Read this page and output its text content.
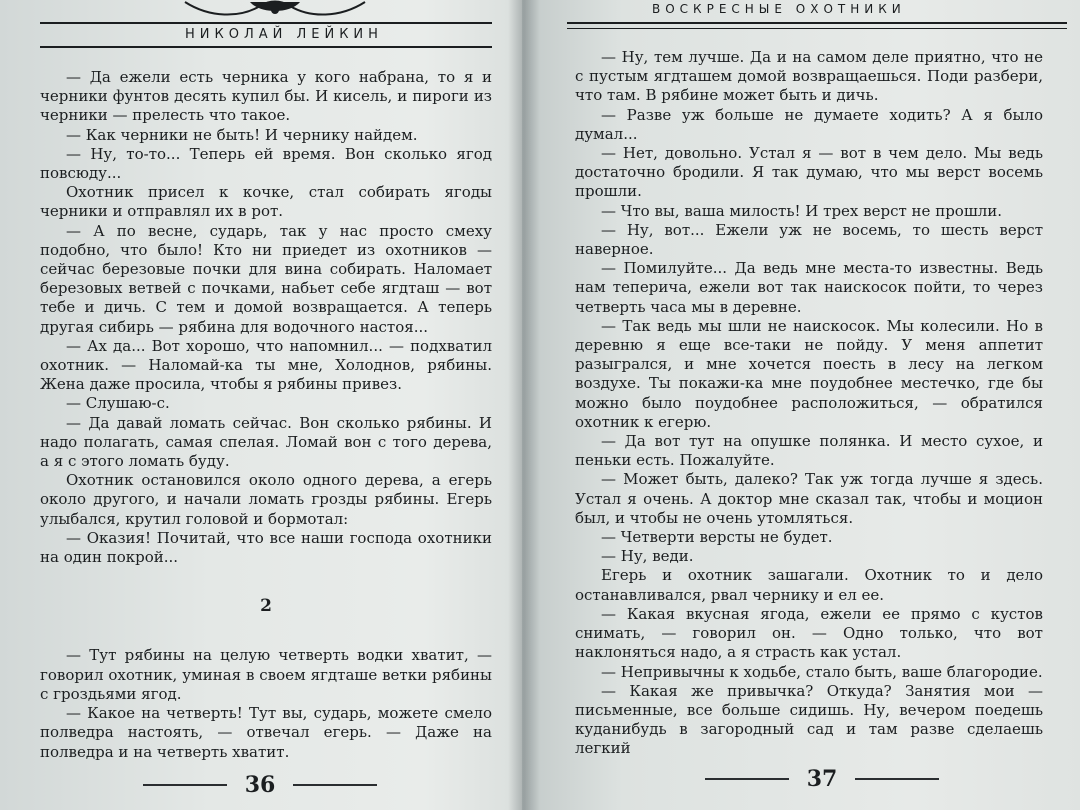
НИКОЛАЙ ЛЕЙКИН

— Да ежели есть черника у кого набрана, то я и черники фунтов десять купил бы. И кисель, и пироги из черники — прелесть что такое.

— Как черники не быть! И чернику найдем.

— Ну, то-то... Теперь ей время. Вон сколько ягод повсюду...

Охотник присел к кочке, стал собирать ягоды черники и отправлял их в рот.

— А по весне, сударь, так у нас просто смеху подобно, что было! Кто ни приедет из охотников — сейчас березовые почки для вина собирать. Наломает березовых ветвей с почками, набьет себе ягдташ — вот тебе и дичь. С тем и домой возвращается. А теперь другая сибирь — рябина для водочного настоя...

— Ах да... Вот хорошо, что напомнил... — подхватил охотник. — Наломай-ка ты мне, Холоднов, рябины. Жена даже просила, чтобы я рябины привез.

— Слушаю-с.

— Да давай ломать сейчас. Вон сколько рябины. И надо полагать, самая спелая. Ломай вон с того дерева, а я с этого ломать буду.

Охотник остановился около одного дерева, а егерь около другого, и начали ломать грозды рябины. Егерь улыбался, крутил головой и бормотал:

— Оказия! Почитай, что все наши господа охотники на один покрой...

2

— Тут рябины на целую четверть водки хватит, — говорил охотник, уминая в своем ягдташе ветки рябины с гроздьями ягод.

— Какое на четверть! Тут вы, сударь, можете смело полведра настоять, — отвечал егерь. — Даже на полведра и на четверть хватит.

36
ВОСКРЕСНЫЕ ОХОТНИКИ

— Ну, тем лучше. Да и на самом деле приятно, что не с пустым ягдташем домой возвращаешься. Поди разбери, что там. В рябине может быть и дичь.

— Разве уж больше не думаете ходить? А я было думал...

— Нет, довольно. Устал я — вот в чем дело. Мы ведь достаточно бродили. Я так думаю, что мы верст восемь прошли.

— Что вы, ваша милость! И трех верст не прошли.

— Ну, вот... Ежели уж не восемь, то шесть верст наверное.

— Помилуйте... Да ведь мне места-то известны. Ведь нам теперича, ежели вот так наискосок пойти, то через четверть часа мы в деревне.

— Так ведь мы шли не наискосок. Мы колесили. Но в деревню я еще все-таки не пойду. У меня аппетит разыгрался, и мне хочется поесть в лесу на легком воздухе. Ты покажи-ка мне поудобнее местечко, где бы можно было поудобнее расположиться, — обратился охотник к егерю.

— Да вот тут на опушке полянка. И место сухое, и пеньки есть. Пожалуйте.

— Может быть, далеко? Так уж тогда лучше я здесь. Устал я очень. А доктор мне сказал так, чтобы и моцион был, и чтобы не очень утомляться.

— Четверти версты не будет.

— Ну, веди.

Егерь и охотник зашагали. Охотник то и дело останавливался, рвал чернику и ел ее.

— Какая вкусная ягода, ежели ее прямо с кустов снимать, — говорил он. — Одно только, что вот наклоняться надо, а я страсть как устал.

— Непривычны к ходьбе, стало быть, ваше благородие.

— Какая же привычка? Откуда? Занятия мои — письменные, все больше сидишь. Ну, вечером поедешь куданибудь в загородный сад и там разве сделаешь легкий

37
